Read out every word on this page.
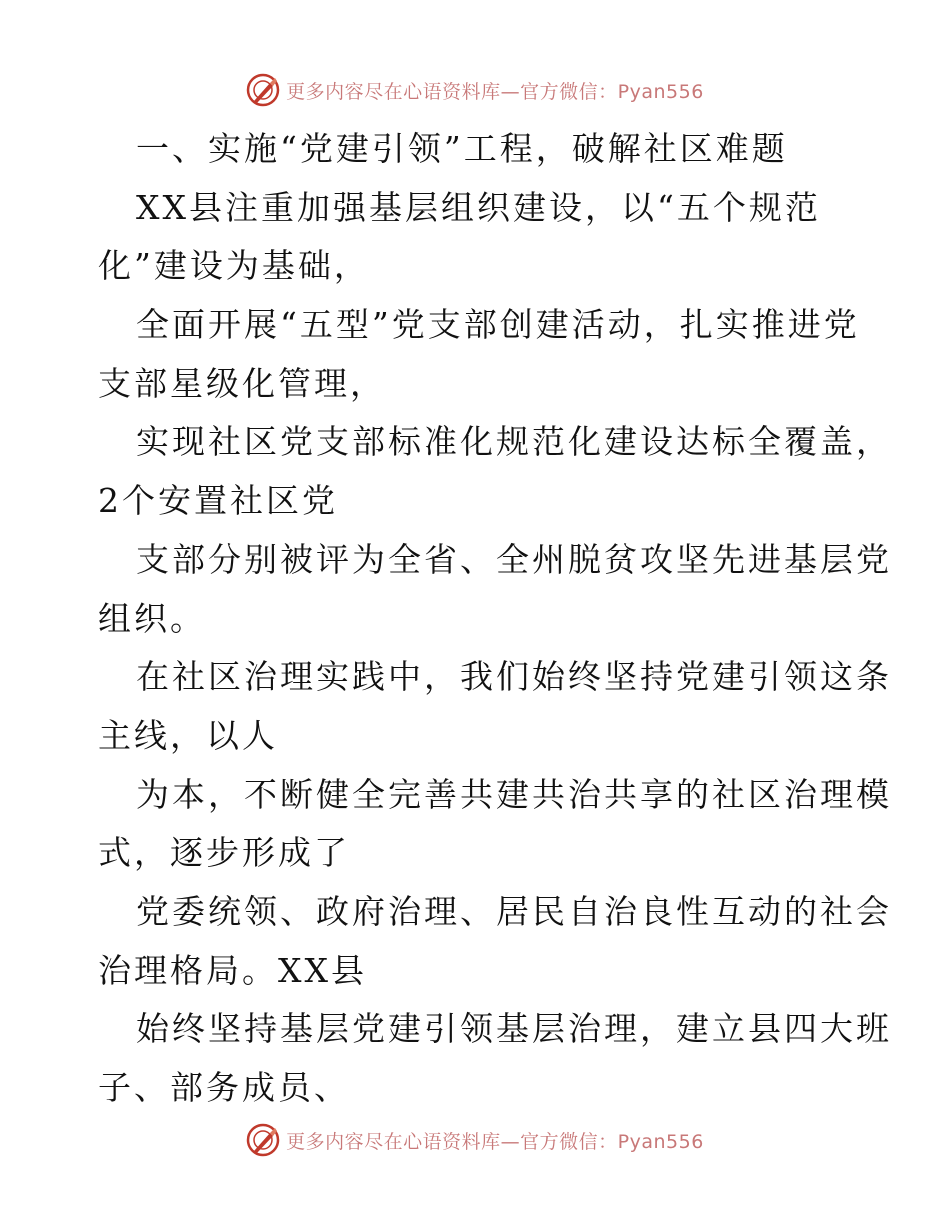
更多内容尽在心语资料库—官方微信：Pyan556
一、实施“党建引领”工程，破解社区难题
XX县注重加强基层组织建设，以“五个规范
化”建设为基础，
全面开展“五型”党支部创建活动，扎实推进党
支部星级化管理，
实现社区党支部标准化规范化建设达标全覆盖，
2个安置社区党
支部分别被评为全省、全州脱贫攻坚先进基层党
组织。
在社区治理实践中，我们始终坚持党建引领这条
主线，以人
为本，不断健全完善共建共治共享的社区治理模
式，逐步形成了
党委统领、政府治理、居民自治良性互动的社会
治理格局。XX县
始终坚持基层党建引领基层治理，建立县四大班
子、部务成员、
更多内容尽在心语资料库—官方微信：Pyan556
